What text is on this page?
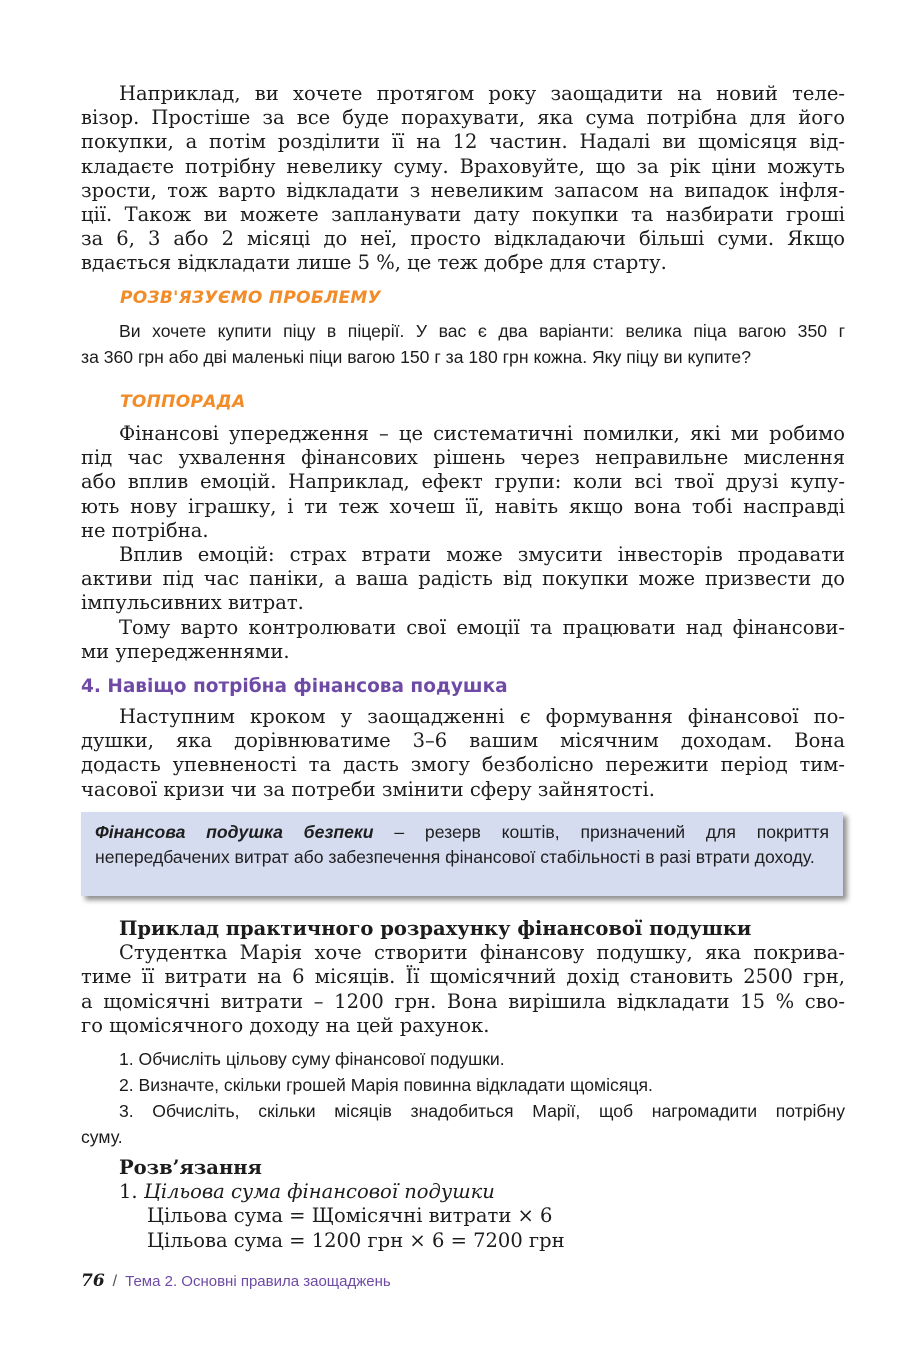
Наприклад, ви хочете протягом року заощадити на новий теле-
візор. Простіше за все буде порахувати, яка сума потрібна для його
покупки, а потім розділити її на 12 частин. Надалі ви щомісяця від-
кладаєте потрібну невелику суму. Враховуйте, що за рік ціни можуть
зрости, тож варто відкладати з невеликим запасом на випадок інфля-
ції. Також ви можете запланувати дату покупки та назбирати гроші
за 6, 3 або 2 місяці до неї, просто відкладаючи більші суми. Якщо
вдається відкладати лише 5 %, це теж добре для старту.
РОЗВ'ЯЗУЄМО ПРОБЛЕМУ
Ви хочете купити піцу в піцерії. У вас є два варіанти: велика піца вагою 350 г
за 360 грн або дві маленькі піци вагою 150 г за 180 грн кожна. Яку піцу ви купите?
ТОППОРАДА
Фінансові упередження – це систематичні помилки, які ми робимо
під час ухвалення фінансових рішень через неправильне мислення
або вплив емоцій. Наприклад, ефект групи: коли всі твої друзі купу-
ють нову іграшку, і ти теж хочеш її, навіть якщо вона тобі насправді
не потрібна.
Вплив емоцій: страх втрати може змусити інвесторів продавати
активи під час паніки, а ваша радість від покупки може призвести до
імпульсивних витрат.
Тому варто контролювати свої емоції та працювати над фінансови-
ми упередженнями.
4. Навіщо потрібна фінансова подушка
Наступним кроком у заощадженні є формування фінансової по-
душки, яка дорівнюватиме 3–6 вашим місячним доходам. Вона
додасть упевненості та дасть змогу безболісно пережити період тим-
часової кризи чи за потреби змінити сферу зайнятості.

Фінансова подушка безпеки – резерв коштів, призначений для покриття непередбачених витрат або забезпечення фінансової стабільності в разі втрати доходу.

Приклад практичного розрахунку фінансової подушки
Студентка Марія хоче створити фінансову подушку, яка покрива-
тиме її витрати на 6 місяців. Її щомісячний дохід становить 2500 грн,
а щомісячні витрати – 1200 грн. Вона вирішила відкладати 15 % сво-
го щомісячного доходу на цей рахунок.
1. Обчисліть цільову суму фінансової подушки.
2. Визначте, скільки грошей Марія повинна відкладати щомісяця.
3. Обчисліть, скільки місяців знадобиться Марії, щоб нагромадити потрібну
суму.
Розв’язання
1. Цільова сума фінансової подушки
Цільова сума = Щомісячні витрати × 6
Цільова сума = 1200 грн × 6 = 7200 грн
76 / Тема 2. Основні правила заощаджень
